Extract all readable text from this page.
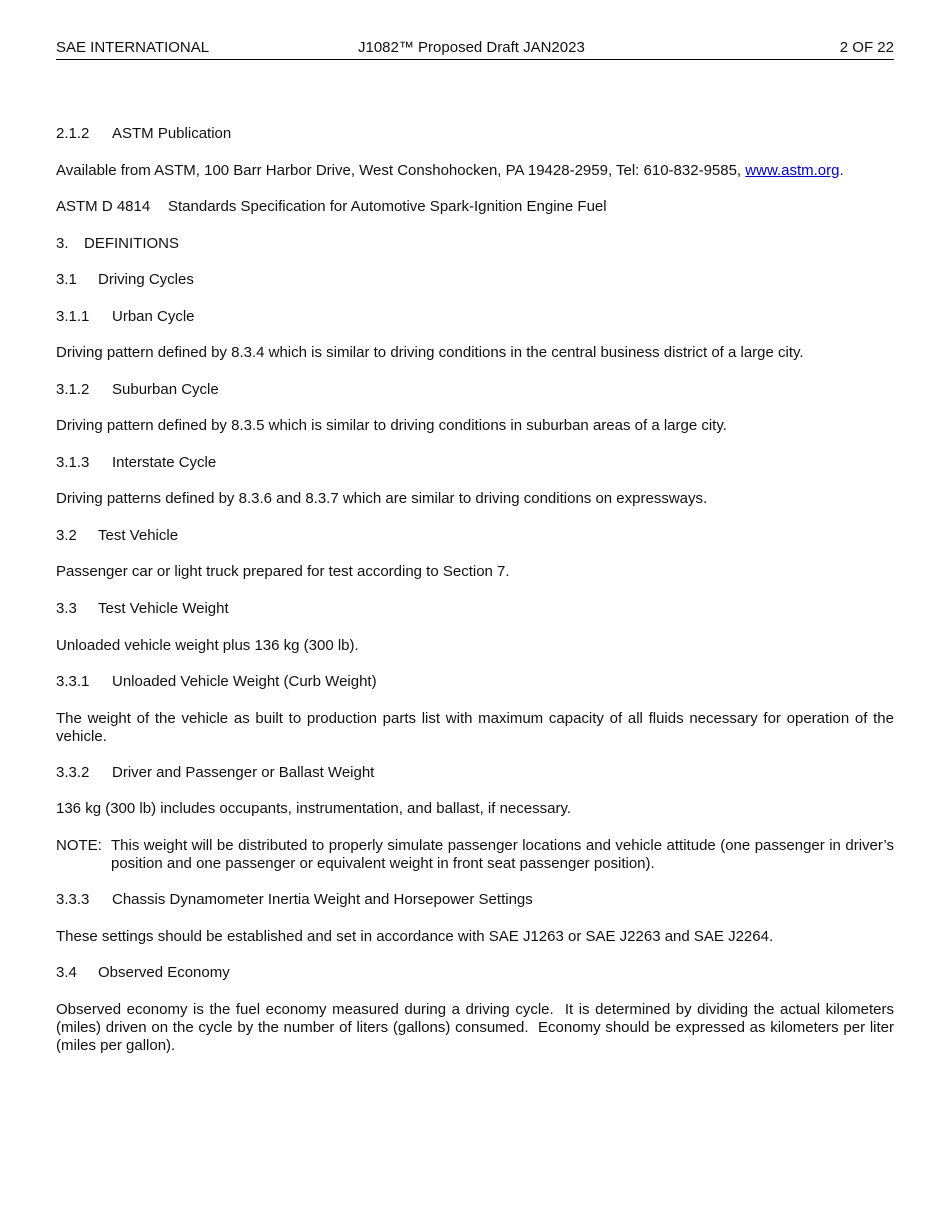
SAE INTERNATIONAL	J1082™ Proposed Draft JAN2023	2 OF 22

2.1.2 ASTM Publication

Available from ASTM, 100 Barr Harbor Drive, West Conshohocken, PA 19428-2959, Tel: 610-832-9585, www.astm.org.

ASTM D 4814 Standards Specification for Automotive Spark-Ignition Engine Fuel

3. DEFINITIONS

3.1 Driving Cycles

3.1.1 Urban Cycle

Driving pattern defined by 8.3.4 which is similar to driving conditions in the central business district of a large city.

3.1.2 Suburban Cycle

Driving pattern defined by 8.3.5 which is similar to driving conditions in suburban areas of a large city.

3.1.3 Interstate Cycle

Driving patterns defined by 8.3.6 and 8.3.7 which are similar to driving conditions on expressways.

3.2 Test Vehicle

Passenger car or light truck prepared for test according to Section 7.

3.3 Test Vehicle Weight

Unloaded vehicle weight plus 136 kg (300 lb).

3.3.1 Unloaded Vehicle Weight (Curb Weight)

The weight of the vehicle as built to production parts list with maximum capacity of all fluids necessary for operation of the vehicle.

3.3.2 Driver and Passenger or Ballast Weight

136 kg (300 lb) includes occupants, instrumentation, and ballast, if necessary.

NOTE: This weight will be distributed to properly simulate passenger locations and vehicle attitude (one passenger in driver’s position and one passenger or equivalent weight in front seat passenger position).

3.3.3 Chassis Dynamometer Inertia Weight and Horsepower Settings

These settings should be established and set in accordance with SAE J1263 or SAE J2263 and SAE J2264.

3.4 Observed Economy

Observed economy is the fuel economy measured during a driving cycle.  It is determined by dividing the actual kilometers (miles) driven on the cycle by the number of liters (gallons) consumed.  Economy should be expressed as kilometers per liter (miles per gallon).
